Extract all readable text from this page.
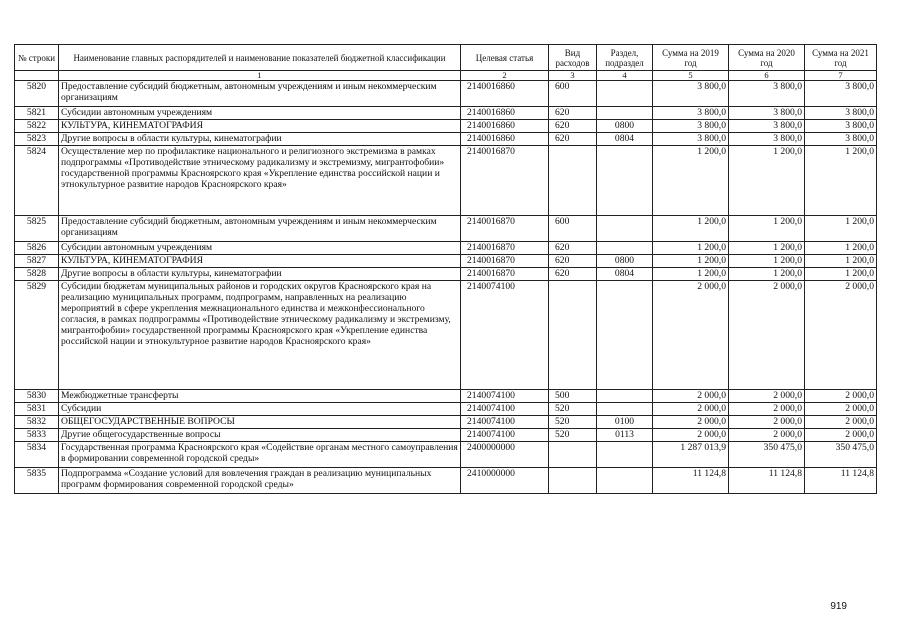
№ строки	Наименование главных распорядителей и наименование показателей бюджетной классификации	Целевая статья	Вид расходов	Раздел, подраздел	Сумма на 2019 год	Сумма на 2020 год	Сумма на 2021 год
	1	2	3	4	5	6	7
5820	Предоставление субсидий бюджетным, автономным учреждениям и иным некоммерческим организациям	2140016860	600		3 800,0	3 800,0	3 800,0
5821	Субсидии автономным учреждениям	2140016860	620		3 800,0	3 800,0	3 800,0
5822	КУЛЬТУРА, КИНЕМАТОГРАФИЯ	2140016860	620	0800	3 800,0	3 800,0	3 800,0
5823	Другие вопросы в области культуры, кинематографии	2140016860	620	0804	3 800,0	3 800,0	3 800,0
5824	Осуществление мер по профилактике национального и религиозного экстремизма в рамках подпрограммы «Противодействие этническому радикализму и экстремизму, мигрантофобии» государственной программы Красноярского края «Укрепление единства российской нации и этнокультурное развитие народов Красноярского края»	2140016870			1 200,0	1 200,0	1 200,0
5825	Предоставление субсидий бюджетным, автономным учреждениям и иным некоммерческим организациям	2140016870	600		1 200,0	1 200,0	1 200,0
5826	Субсидии автономным учреждениям	2140016870	620		1 200,0	1 200,0	1 200,0
5827	КУЛЬТУРА, КИНЕМАТОГРАФИЯ	2140016870	620	0800	1 200,0	1 200,0	1 200,0
5828	Другие вопросы в области культуры, кинематографии	2140016870	620	0804	1 200,0	1 200,0	1 200,0
5829	Субсидии бюджетам муниципальных районов и городских округов Красноярского края на реализацию муниципальных программ, подпрограмм, направленных на реализацию мероприятий в сфере укрепления межнационального единства и межконфессионального согласия, в рамках подпрограммы «Противодействие этническому радикализму и экстремизму, мигрантофобии» государственной программы Красноярского края «Укрепление единства российской нации и этнокультурное развитие народов Красноярского края»	2140074100			2 000,0	2 000,0	2 000,0
5830	Межбюджетные трансферты	2140074100	500		2 000,0	2 000,0	2 000,0
5831	Субсидии	2140074100	520		2 000,0	2 000,0	2 000,0
5832	ОБЩЕГОСУДАРСТВЕННЫЕ ВОПРОСЫ	2140074100	520	0100	2 000,0	2 000,0	2 000,0
5833	Другие общегосударственные вопросы	2140074100	520	0113	2 000,0	2 000,0	2 000,0
5834	Государственная программа Красноярского края «Содействие органам местного самоуправления в формировании современной городской среды»	2400000000			1 287 013,9	350 475,0	350 475,0
5835	Подпрограмма «Создание условий для вовлечения граждан в реализацию муниципальных программ формирования современной городской среды»	2410000000			11 124,8	11 124,8	11 124,8
919
